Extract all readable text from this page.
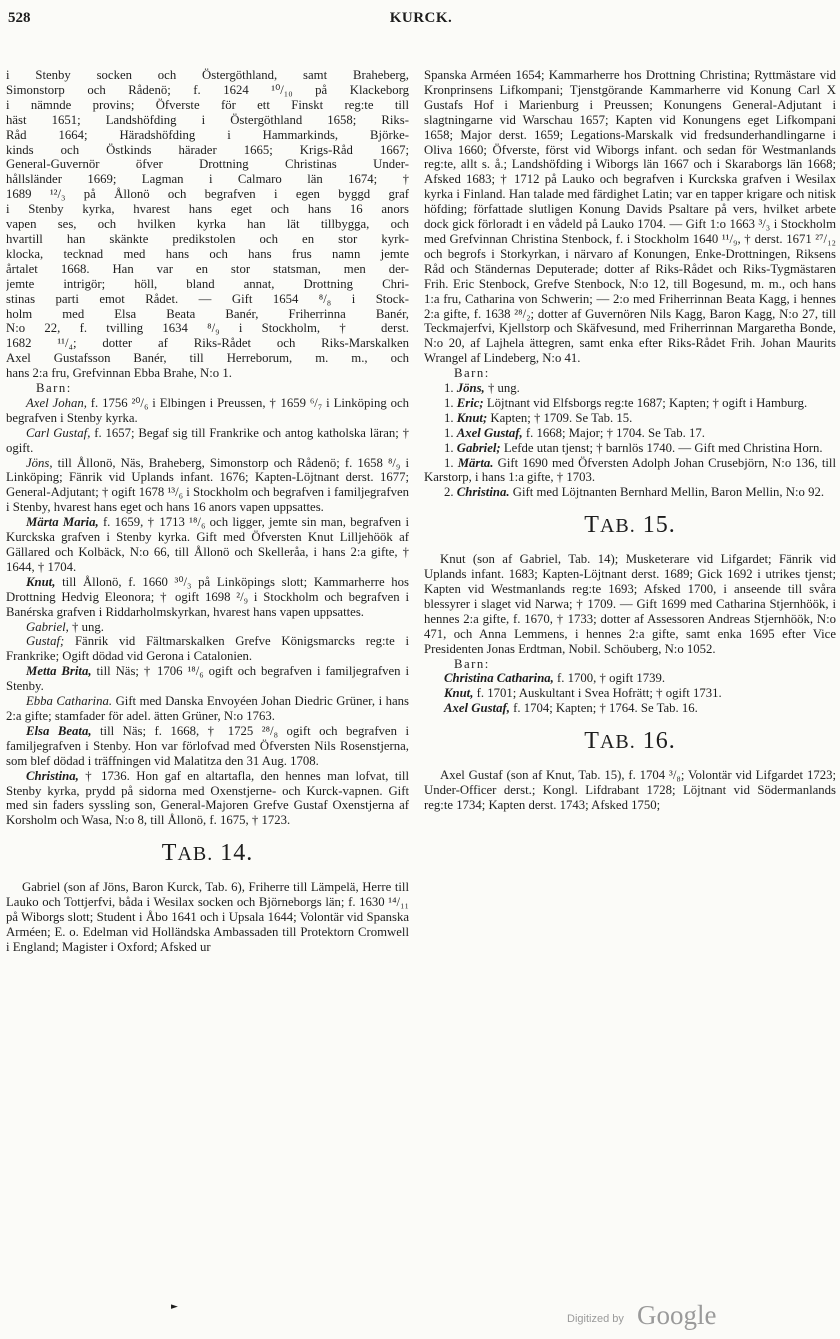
528	KURCK.
i Stenby socken och Östergöthland, samt Braheberg,
Simonstorp och Rådenö; f. 1624 ¹⁰/₁₀ på Klackeborg
i nämnde provins; Öfverste för ett Finskt reg:te till
häst 1651; Landshöfding i Östergöthland 1658; Riks-
Råd 1664; Häradshöfding i Hammarkinds, Björke-
kinds och Östkinds härader 1665; Krigs-Råd 1667;
General-Guvernör öfver Drottning Christinas Under-
hållsländer 1669; Lagman i Calmaro län 1674; †
1689 ¹²/₃ på Ållonö och begrafven i egen byggd graf
i Stenby kyrka, hvarest hans eget och hans 16 anors
vapen ses, och hvilken kyrka han lät tillbygga, och
hvartill han skänkte predikstolen och en stor kyrk-
klocka, tecknad med hans och hans frus namn jemte
årtalet 1668. Han var en stor statsman, men der-
jemte intrigör; höll, bland annat, Drottning Chri-
stinas parti emot Rådet. — Gift 1654 ⁸/₈ i Stock-
holm med Elsa Beata Banér, Friherrinna Banér,
N:o 22, f. tvilling 1634 ⁸/₉ i Stockholm, † derst.
1682 ¹¹/₄; dotter af Riks-Rådet och Riks-Marskalken
Axel Gustafsson Banér, till Herreborum, m. m., och

hans 2:a fru, Grefvinnan Ebba Brahe, N:o 1.

Barn:

Axel Johan, f. 1756 ²⁰/₆ i Elbingen i Preussen, † 1659 ⁶/₇ i Linköping och begrafven i Stenby kyrka.

Carl Gustaf, f. 1657; Begaf sig till Frankrike och antog katholska läran; † ogift.

Jöns, till Ållonö, Näs, Braheberg, Simonstorp och Rådenö; f. 1658 ⁸/₉ i Linköping; Fänrik vid Uplands infant. 1676; Kapten-Löjtnant derst. 1677; General-Adjutant; † ogift 1678 ¹³/₆ i Stockholm och begrafven i familjegrafven i Stenby, hvarest hans eget och hans 16 anors vapen uppsattes.

Märta Maria, f. 1659, † 1713 ¹⁸/₆ och ligger, jemte sin man, begrafven i Kurckska grafven i Stenby kyrka. Gift med Öfversten Knut Lilljehöök af Gällared och Kolbäck, N:o 66, till Ållonö och Skelleråa, i hans 2:a gifte, † 1644, † 1704.

Knut, till Ållonö, f. 1660 ³⁰/₃ på Linköpings slott; Kammarherre hos Drottning Hedvig Eleonora; † ogift 1698 ²/₉ i Stockholm och begrafven i Banérska grafven i Riddarholmskyrkan, hvarest hans vapen uppsattes.

Gabriel, † ung.

Gustaf; Fänrik vid Fältmarskalken Grefve Königsmarcks reg:te i Frankrike; Ogift dödad vid Gerona i Catalonien.

Metta Brita, till Näs; † 1706 ¹⁸/₆ ogift och begrafven i familjegrafven i Stenby.

Ebba Catharina. Gift med Danska Envoyéen Johan Diedric Grüner, i hans 2:a gifte; stamfader för adel. ätten Grüner, N:o 1763.

Elsa Beata, till Näs; f. 1668, † 1725 ²⁸/₈ ogift och begrafven i familjegrafven i Stenby. Hon var förlofvad med Öfversten Nils Rosenstjerna, som blef dödad i träffningen vid Malatitza den 31 Aug. 1708.

Christina, † 1736. Hon gaf en altartafla, den hennes man lofvat, till Stenby kyrka, prydd på sidorna med Oxenstjerne- och Kurck-vapnen. Gift med sin faders syssling son, General-Majoren Grefve Gustaf Oxenstjerna af Korsholm och Wasa, N:o 8, till Ållonö, f. 1675, † 1723.

TAB. 14.

Gabriel (son af Jöns, Baron Kurck, Tab. 6), Friherre till Lämpelä, Herre till Lauko och Tottjerfvi, båda i Wesilax socken och Björneborgs län; f. 1630 ¹⁴/₁₁ på Wiborgs slott; Student i Åbo 1641 och i Upsala 1644; Volontär vid Spanska Arméen; E. o. Edelman vid Holländska Ambassaden till Protektorn Cromwell i England; Magister i Oxford; Afsked ur

Spanska Arméen 1654; Kammarherre hos Drottning Christina; Ryttmästare vid Kronprinsens Lifkompani; Tjenstgörande Kammarherre vid Konung Carl X Gustafs Hof i Marienburg i Preussen; Konungens General-Adjutant i slagtningarne vid Warschau 1657; Kapten vid Konungens eget Lifkompani 1658; Major derst. 1659; Legations-Marskalk vid fredsunderhandlingarne i Oliva 1660; Öfverste, först vid Wiborgs infant. och sedan för Westmanlands reg:te, allt s. å.; Landshöfding i Wiborgs län 1667 och i Skaraborgs län 1668; Afsked 1683; † 1712 på Lauko och begrafven i Kurckska grafven i Wesilax kyrka i Finland. Han talade med färdighet Latin; var en tapper krigare och nitisk höfding; författade slutligen Konung Davids Psaltare på vers, hvilket arbete dock gick förloradt i en vådeld på Lauko 1704. — Gift 1:o 1663 ³/₃ i Stockholm med Grefvinnan Christina Stenbock, f. i Stockholm 1640 ¹¹/₉, † derst. 1671 ²⁷/₁₂ och begrofs i Storkyrkan, i närvaro af Konungen, Enke-Drottningen, Riksens Råd och Ständernas Deputerade; dotter af Riks-Rådet och Riks-Tygmästaren Frih. Eric Stenbock, Grefve Stenbock, N:o 12, till Bogesund, m. m., och hans 1:a fru, Catharina von Schwerin; — 2:o med Friherrinnan Beata Kagg, i hennes 2:a gifte, f. 1638 ²⁸/₂; dotter af Guvernören Nils Kagg, Baron Kagg, N:o 27, till Teckmajerfvi, Kjellstorp och Skäfvesund, med Friherrinnan Margaretha Bonde, N:o 20, af Lajhela ättegren, samt enka efter Riks-Rådet Frih. Johan Maurits Wrangel af Lindeberg, N:o 41.

Barn:

1. Jöns, † ung.

1. Eric; Löjtnant vid Elfsborgs reg:te 1687; Kapten; † ogift i Hamburg.

1. Knut; Kapten; † 1709. Se Tab. 15.

1. Axel Gustaf, f. 1668; Major; † 1704. Se Tab. 17.

1. Gabriel; Lefde utan tjenst; † barnlös 1740. — Gift med Christina Horn.

1. Märta. Gift 1690 med Öfversten Adolph Johan Crusebjörn, N:o 136, till Karstorp, i hans 1:a gifte, † 1703.

2. Christina. Gift med Löjtnanten Bernhard Mellin, Baron Mellin, N:o 92.

TAB. 15.

Knut (son af Gabriel, Tab. 14); Musketerare vid Lifgardet; Fänrik vid Uplands infant. 1683; Kapten-Löjtnant derst. 1689; Gick 1692 i utrikes tjenst; Kapten vid Westmanlands reg:te 1693; Afsked 1700, i anseende till svåra blessyrer i slaget vid Narwa; † 1709. — Gift 1699 med Catharina Stjernhöök, i hennes 2:a gifte, f. 1670, † 1733; dotter af Assessoren Andreas Stjernhöök, N:o 471, och Anna Lemmens, i hennes 2:a gifte, samt enka 1695 efter Vice Presidenten Jonas Erdtman, Nobil. Schöuberg, N:o 1052.

Barn:

Christina Catharina, f. 1700, † ogift 1739.

Knut, f. 1701; Auskultant i Svea Hofrätt; † ogift 1731.

Axel Gustaf, f. 1704; Kapten; † 1764. Se Tab. 16.

TAB. 16.

Axel Gustaf (son af Knut, Tab. 15), f. 1704 ³/₈; Volontär vid Lifgardet 1723; Under-Officer derst.; Kongl. Lifdrabant 1728; Löjtnant vid Södermanlands reg:te 1734; Kapten derst. 1743; Afsked 1750;

►
Digitized by Google
